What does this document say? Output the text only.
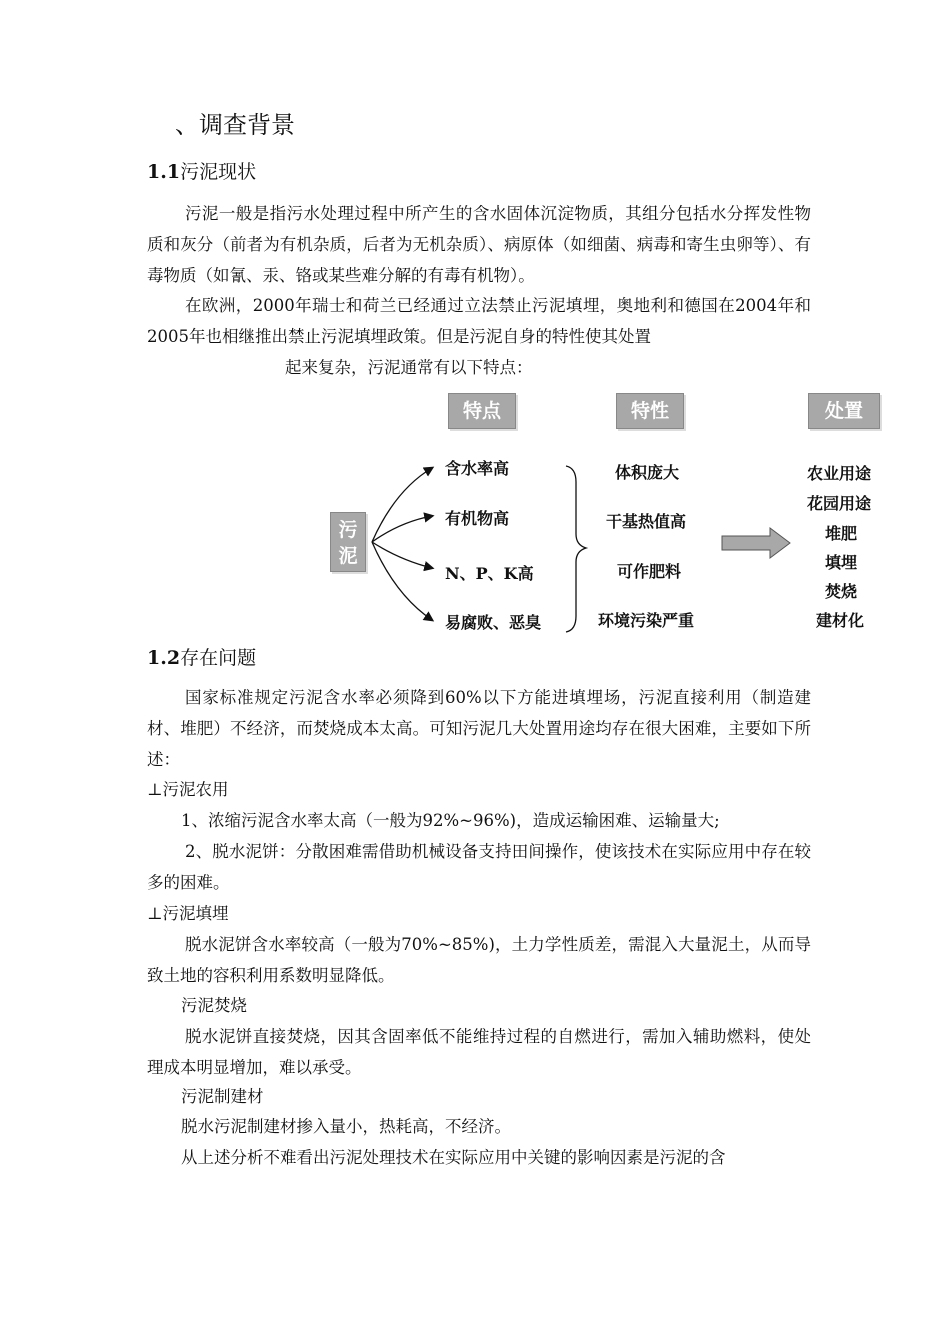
、调查背景
1.1污泥现状
污泥一般是指污水处理过程中所产生的含水固体沉淀物质，其组分包括水分挥发性物质和灰分（前者为有机杂质，后者为无机杂质）、病原体（如细菌、病毒和寄生虫卵等）、有毒物质（如氰、汞、铬或某些难分解的有毒有机物）。
在欧洲，2000年瑞士和荷兰已经通过立法禁止污泥填埋，奥地利和德国在2004年和2005年也相继推出禁止污泥填埋政策。但是污泥自身的特性使其处置
起来复杂，污泥通常有以下特点：
特点	特性	处置
污泥
含水率高
有机物高
N、P、K高
易腐败、恶臭
体积庞大
干基热值高
可作肥料
环境污染严重
农业用途
花园用途
堆肥
填埋
焚烧
建材化
1.2存在问题
国家标准规定污泥含水率必须降到60%以下方能进填埋场，污泥直接利用（制造建材、堆肥）不经济，而焚烧成本太高。可知污泥几大处置用途均存在很大困难，主要如下所述：
⊥污泥农用
1、浓缩污泥含水率太高（一般为92%~96%)，造成运输困难、运输量大;
2、脱水泥饼：分散困难需借助机械设备支持田间操作，使该技术在实际应用中存在较多的困难。
⊥污泥填埋
脱水泥饼含水率较高（一般为70%~85%)，土力学性质差，需混入大量泥土，从而导致土地的容积利用系数明显降低。
污泥焚烧
脱水泥饼直接焚烧，因其含固率低不能维持过程的自燃进行，需加入辅助燃料，使处理成本明显增加，难以承受。
污泥制建材
脱水污泥制建材掺入量小，热耗高，不经济。
从上述分析不难看出污泥处理技术在实际应用中关键的影响因素是污泥的含
